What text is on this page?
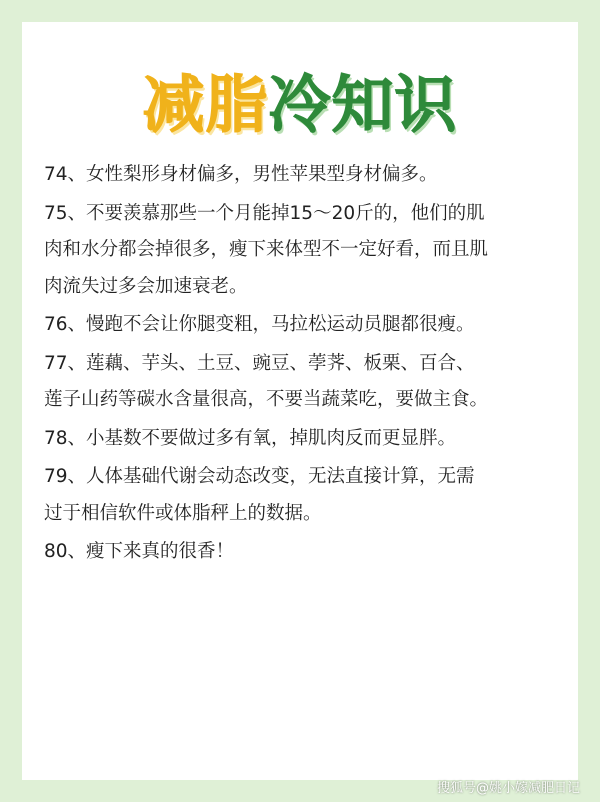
减脂冷知识
74、女性梨形身材偏多，男性苹果型身材偏多。
75、不要羡慕那些一个月能掉15～20斤的，他们的肌
肉和水分都会掉很多，瘦下来体型不一定好看，而且肌
肉流失过多会加速衰老。
76、慢跑不会让你腿变粗，马拉松运动员腿都很瘦。
77、莲藕、芋头、土豆、豌豆、荸荠、板栗、百合、
莲子山药等碳水含量很高，不要当蔬菜吃，要做主食。
78、小基数不要做过多有氧，掉肌肉反而更显胖。
79、人体基础代谢会动态改变，无法直接计算，无需
过于相信软件或体脂秤上的数据。
80、瘦下来真的很香！
搜狐号@姚小嫁减肥日记
